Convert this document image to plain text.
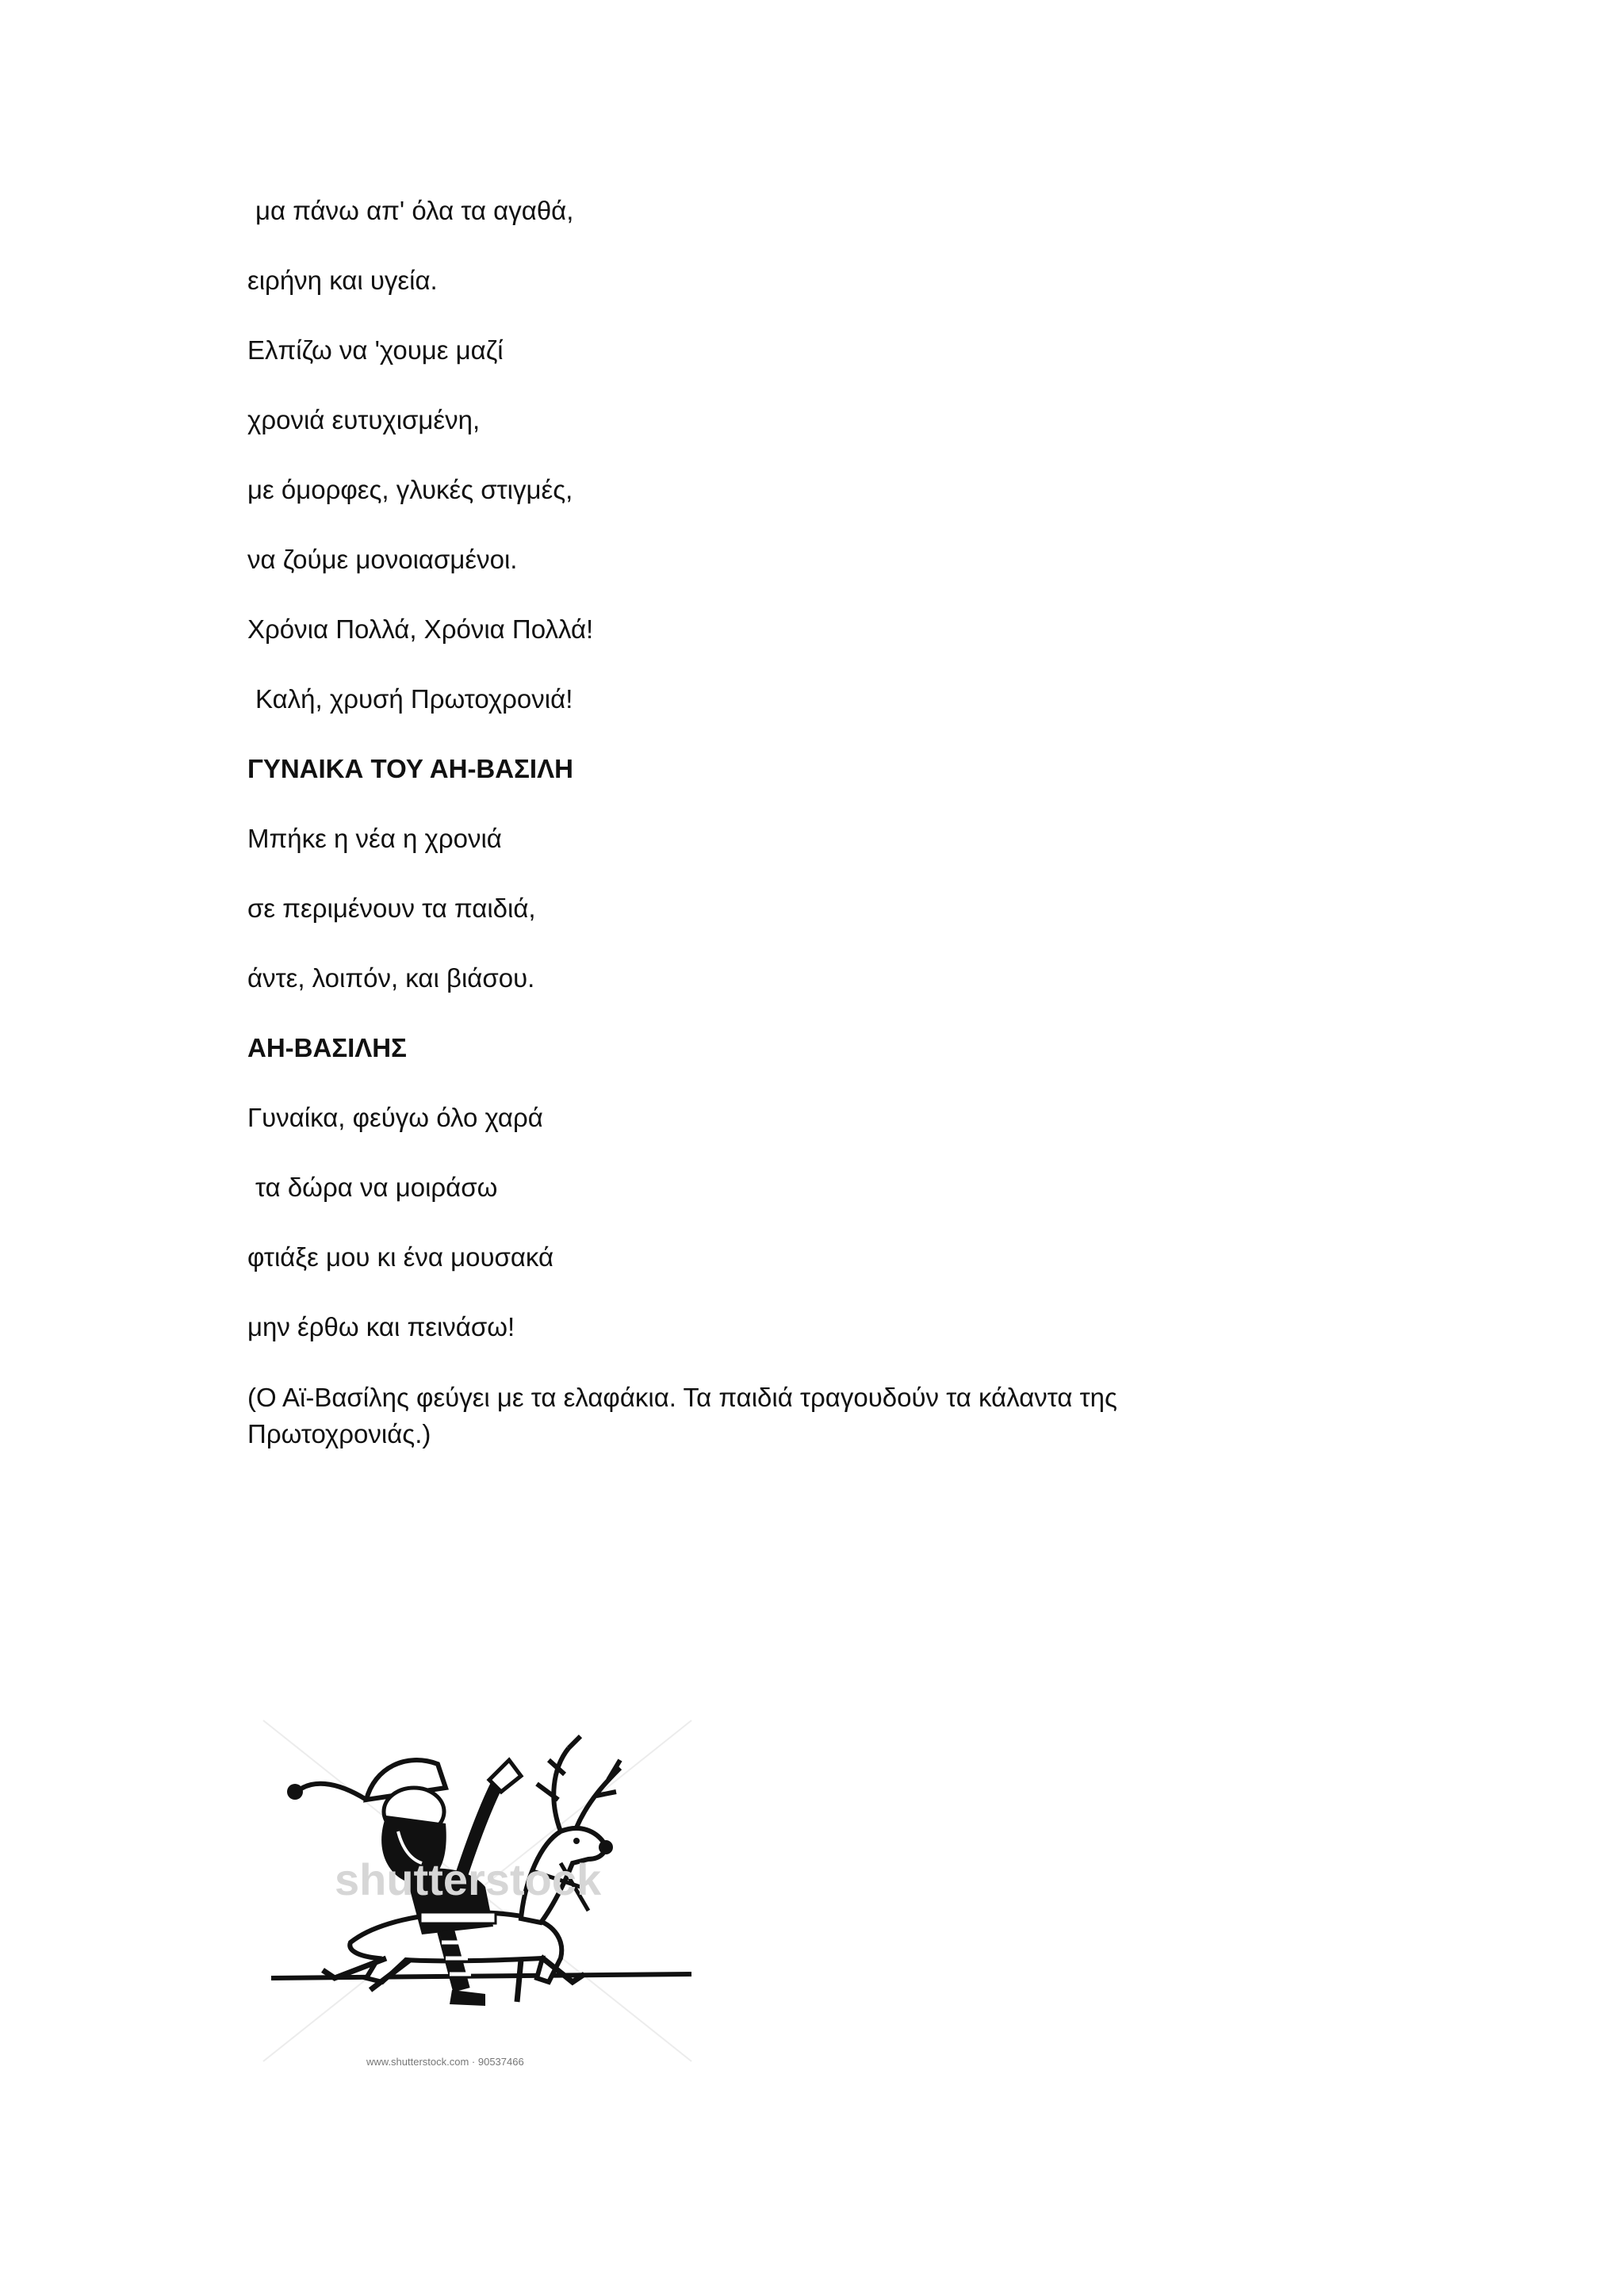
μα πάνω απ' όλα τα αγαθά,
ειρήνη και υγεία.
Ελπίζω να 'χουμε μαζί
χρονιά ευτυχισμένη,
με όμορφες, γλυκές στιγμές,
να ζούμε μονοιασμένοι.
Χρόνια Πολλά, Χρόνια Πολλά!
Καλή, χρυσή Πρωτοχρονιά!
ΓΥΝΑΙΚΑ ΤΟΥ ΑΗ-ΒΑΣΙΛΗ
Μπήκε η νέα η χρονιά
σε περιμένουν τα παιδιά,
άντε, λοιπόν, και βιάσου.
ΑΗ-ΒΑΣΙΛΗΣ
Γυναίκα, φεύγω όλο χαρά
τα δώρα να μοιράσω
φτιάξε μου κι ένα μουσακά
μην έρθω και πεινάσω!
(Ο Αϊ-Βασίλης φεύγει με τα ελαφάκια. Τα παιδιά τραγουδούν τα κάλαντα της Πρωτοχρονιάς.)
shutterstock
www.shutterstock.com · 90537466
